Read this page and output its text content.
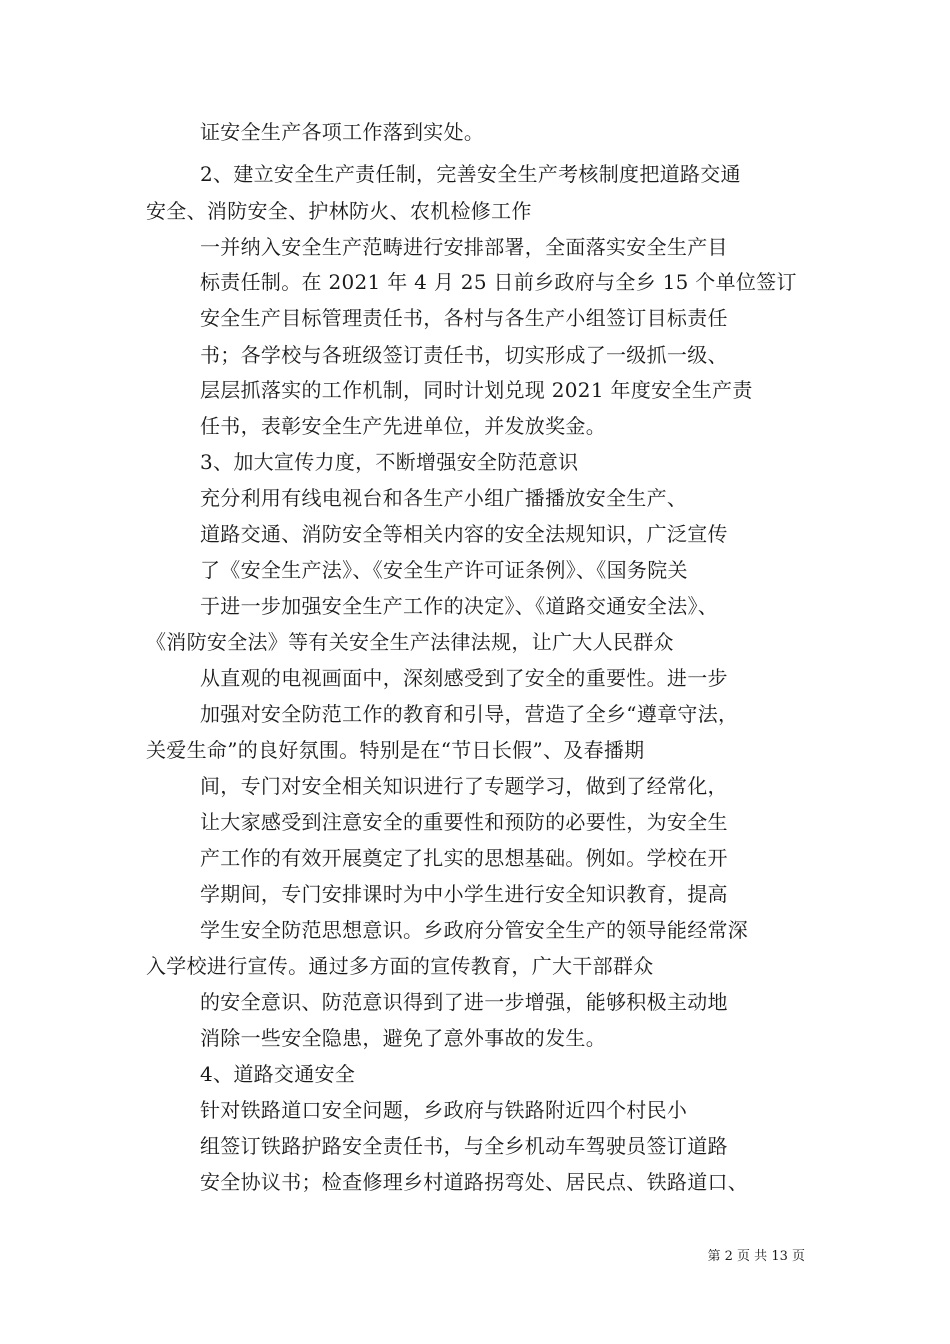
证安全生产各项工作落到实处。
2、建立安全生产责任制，完善安全生产考核制度把道路交通
安全、消防安全、护林防火、农机检修工作
一并纳入安全生产范畴进行安排部署，全面落实安全生产目
标责任制。在 2021 年 4 月 25 日前乡政府与全乡 15 个单位签订
安全生产目标管理责任书，各村与各生产小组签订目标责任
书；各学校与各班级签订责任书，切实形成了一级抓一级、
层层抓落实的工作机制，同时计划兑现 2021 年度安全生产责
任书，表彰安全生产先进单位，并发放奖金。
3、加大宣传力度，不断增强安全防范意识
充分利用有线电视台和各生产小组广播播放安全生产、
道路交通、消防安全等相关内容的安全法规知识，广泛宣传
了《安全生产法》、《安全生产许可证条例》、《国务院关
于进一步加强安全生产工作的决定》、《道路交通安全法》、
《消防安全法》等有关安全生产法律法规，让广大人民群众
从直观的电视画面中，深刻感受到了安全的重要性。进一步
加强对安全防范工作的教育和引导，营造了全乡“遵章守法，
关爱生命”的良好氛围。特别是在“节日长假”、及春播期
间，专门对安全相关知识进行了专题学习，做到了经常化，
让大家感受到注意安全的重要性和预防的必要性，为安全生
产工作的有效开展奠定了扎实的思想基础。例如。学校在开
学期间，专门安排课时为中小学生进行安全知识教育，提高
学生安全防范思想意识。乡政府分管安全生产的领导能经常深
入学校进行宣传。通过多方面的宣传教育，广大干部群众
的安全意识、防范意识得到了进一步增强，能够积极主动地
消除一些安全隐患，避免了意外事故的发生。
4、道路交通安全
针对铁路道口安全问题，乡政府与铁路附近四个村民小
组签订铁路护路安全责任书，与全乡机动车驾驶员签订道路
安全协议书；检查修理乡村道路拐弯处、居民点、铁路道口、
第 2 页 共 13 页
